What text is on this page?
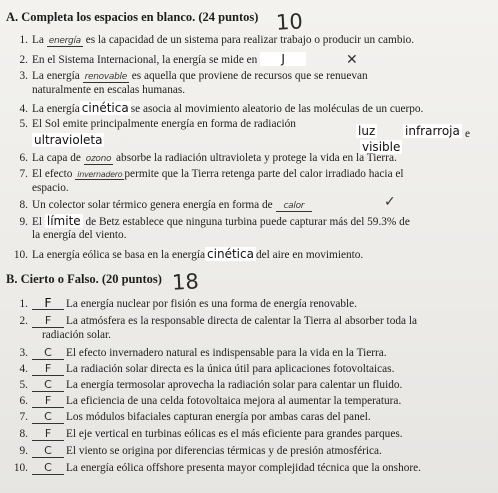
A. Completa los espacios en blanco. (24 puntos) 10
1. La energía es la capacidad de un sistema para realizar trabajo o producir un cambio.
2. En el Sistema Internacional, la energía se mide en J	✕
3. La energía renovable es aquella que proviene de recursos que se renuevan
naturalmente en escalas humanas.
4. La energía cinética se asocia al movimiento aleatorio de las moléculas de un cuerpo.
5. El Sol emite principalmente energía en forma de radiación	luz infrarroja e
ultravioleta	visible
6. La capa de ozono absorbe la radiación ultravioleta y protege la vida en la Tierra.
7. El efecto invernadero permite que la Tierra retenga parte del calor irradiado hacia el
espacio.
8. Un colector solar térmico genera energía en forma de calor	✓
9. El límite de Betz establece que ninguna turbina puede capturar más del 59.3% de
la energía del viento.
10. La energía eólica se basa en la energía cinética del aire en movimiento.
B. Cierto o Falso. (20 puntos) 18
1. F La energía nuclear por fisión es una forma de energía renovable.
2. F La atmósfera es la responsable directa de calentar la Tierra al absorber toda la
radiación solar.
3. C El efecto invernadero natural es indispensable para la vida en la Tierra.
4. F La radiación solar directa es la única útil para aplicaciones fotovoltaicas.
5. C La energía termosolar aprovecha la radiación solar para calentar un fluido.
6. F La eficiencia de una celda fotovoltaica mejora al aumentar la temperatura.
7. C Los módulos bifaciales capturan energía por ambas caras del panel.
8. F El eje vertical en turbinas eólicas es el más eficiente para grandes parques.
9. C El viento se origina por diferencias térmicas y de presión atmosférica.
10. C La energía eólica offshore presenta mayor complejidad técnica que la onshore.
